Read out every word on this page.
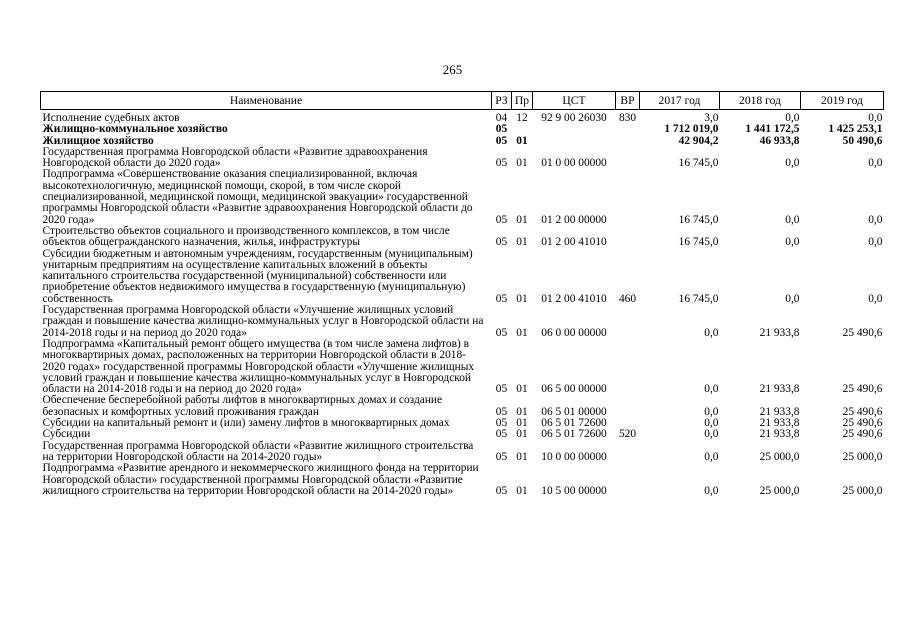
265
Наименование	РЗ	Пр	ЦСТ	ВР	2017 год	2018 год	2019 год
Исполнение судебных актов	04	12	92 9 00 26030	830	3,0	0,0	0,0
Жилищно-коммунальное хозяйство	05				1 712 019,0	1 441 172,5	1 425 253,1
Жилищное хозяйство	05	01			42 904,2	46 933,8	50 490,6
Государственная программа Новгородской области «Развитие здравоохранения Новгородской области до 2020 года»	05	01	01 0 00 00000		16 745,0	0,0	0,0
Подпрограмма «Совершенствование оказания специализированной, включая высокотехнологичную, медицинской помощи, скорой, в том числе скорой специализированной, медицинской помощи, медицинской эвакуации» государственной программы Новгородской области «Развитие здравоохранения Новгородской области до 2020 года»	05	01	01 2 00 00000		16 745,0	0,0	0,0
Строительство объектов социального и производственного комплексов, в том числе объектов общегражданского назначения, жилья, инфраструктуры	05	01	01 2 00 41010		16 745,0	0,0	0,0
Субсидии бюджетным и автономным учреждениям, государственным (муниципальным) унитарным предприятиям на осуществление капитальных вложений в объекты капитального строительства государственной (муниципальной) собственности или приобретение объектов недвижимого имущества в государственную (муниципальную) собственность	05	01	01 2 00 41010	460	16 745,0	0,0	0,0
Государственная программа Новгородской области «Улучшение жилищных условий граждан и повышение качества жилищно-коммунальных услуг в Новгородской области на 2014-2018 годы и на период до 2020 года»	05	01	06 0 00 00000		0,0	21 933,8	25 490,6
Подпрограмма «Капитальный ремонт общего имущества (в том числе замена лифтов) в многоквартирных домах, расположенных на территории Новгородской области в 2018-2020 годах» государственной программы Новгородской области «Улучшение жилищных условий граждан и повышение качества жилищно-коммунальных услуг в Новгородской области на 2014-2018 годы и на период до 2020 года»	05	01	06 5 00 00000		0,0	21 933,8	25 490,6
Обеспечение бесперебойной работы лифтов в многоквартирных домах и создание безопасных и комфортных условий проживания граждан	05	01	06 5 01 00000		0,0	21 933,8	25 490,6
Субсидии на капитальный ремонт и (или) замену лифтов в многоквартирных домах	05	01	06 5 01 72600		0,0	21 933,8	25 490,6
Субсидии	05	01	06 5 01 72600	520	0,0	21 933,8	25 490,6
Государственная программа Новгородской области «Развитие жилищного строительства на территории Новгородской области на 2014-2020 годы»	05	01	10 0 00 00000		0,0	25 000,0	25 000,0
Подпрограмма «Развитие арендного и некоммерческого жилищного фонда на территории Новгородской области» государственной программы Новгородской области «Развитие жилищного строительства на территории Новгородской области на 2014-2020 годы»	05	01	10 5 00 00000		0,0	25 000,0	25 000,0
